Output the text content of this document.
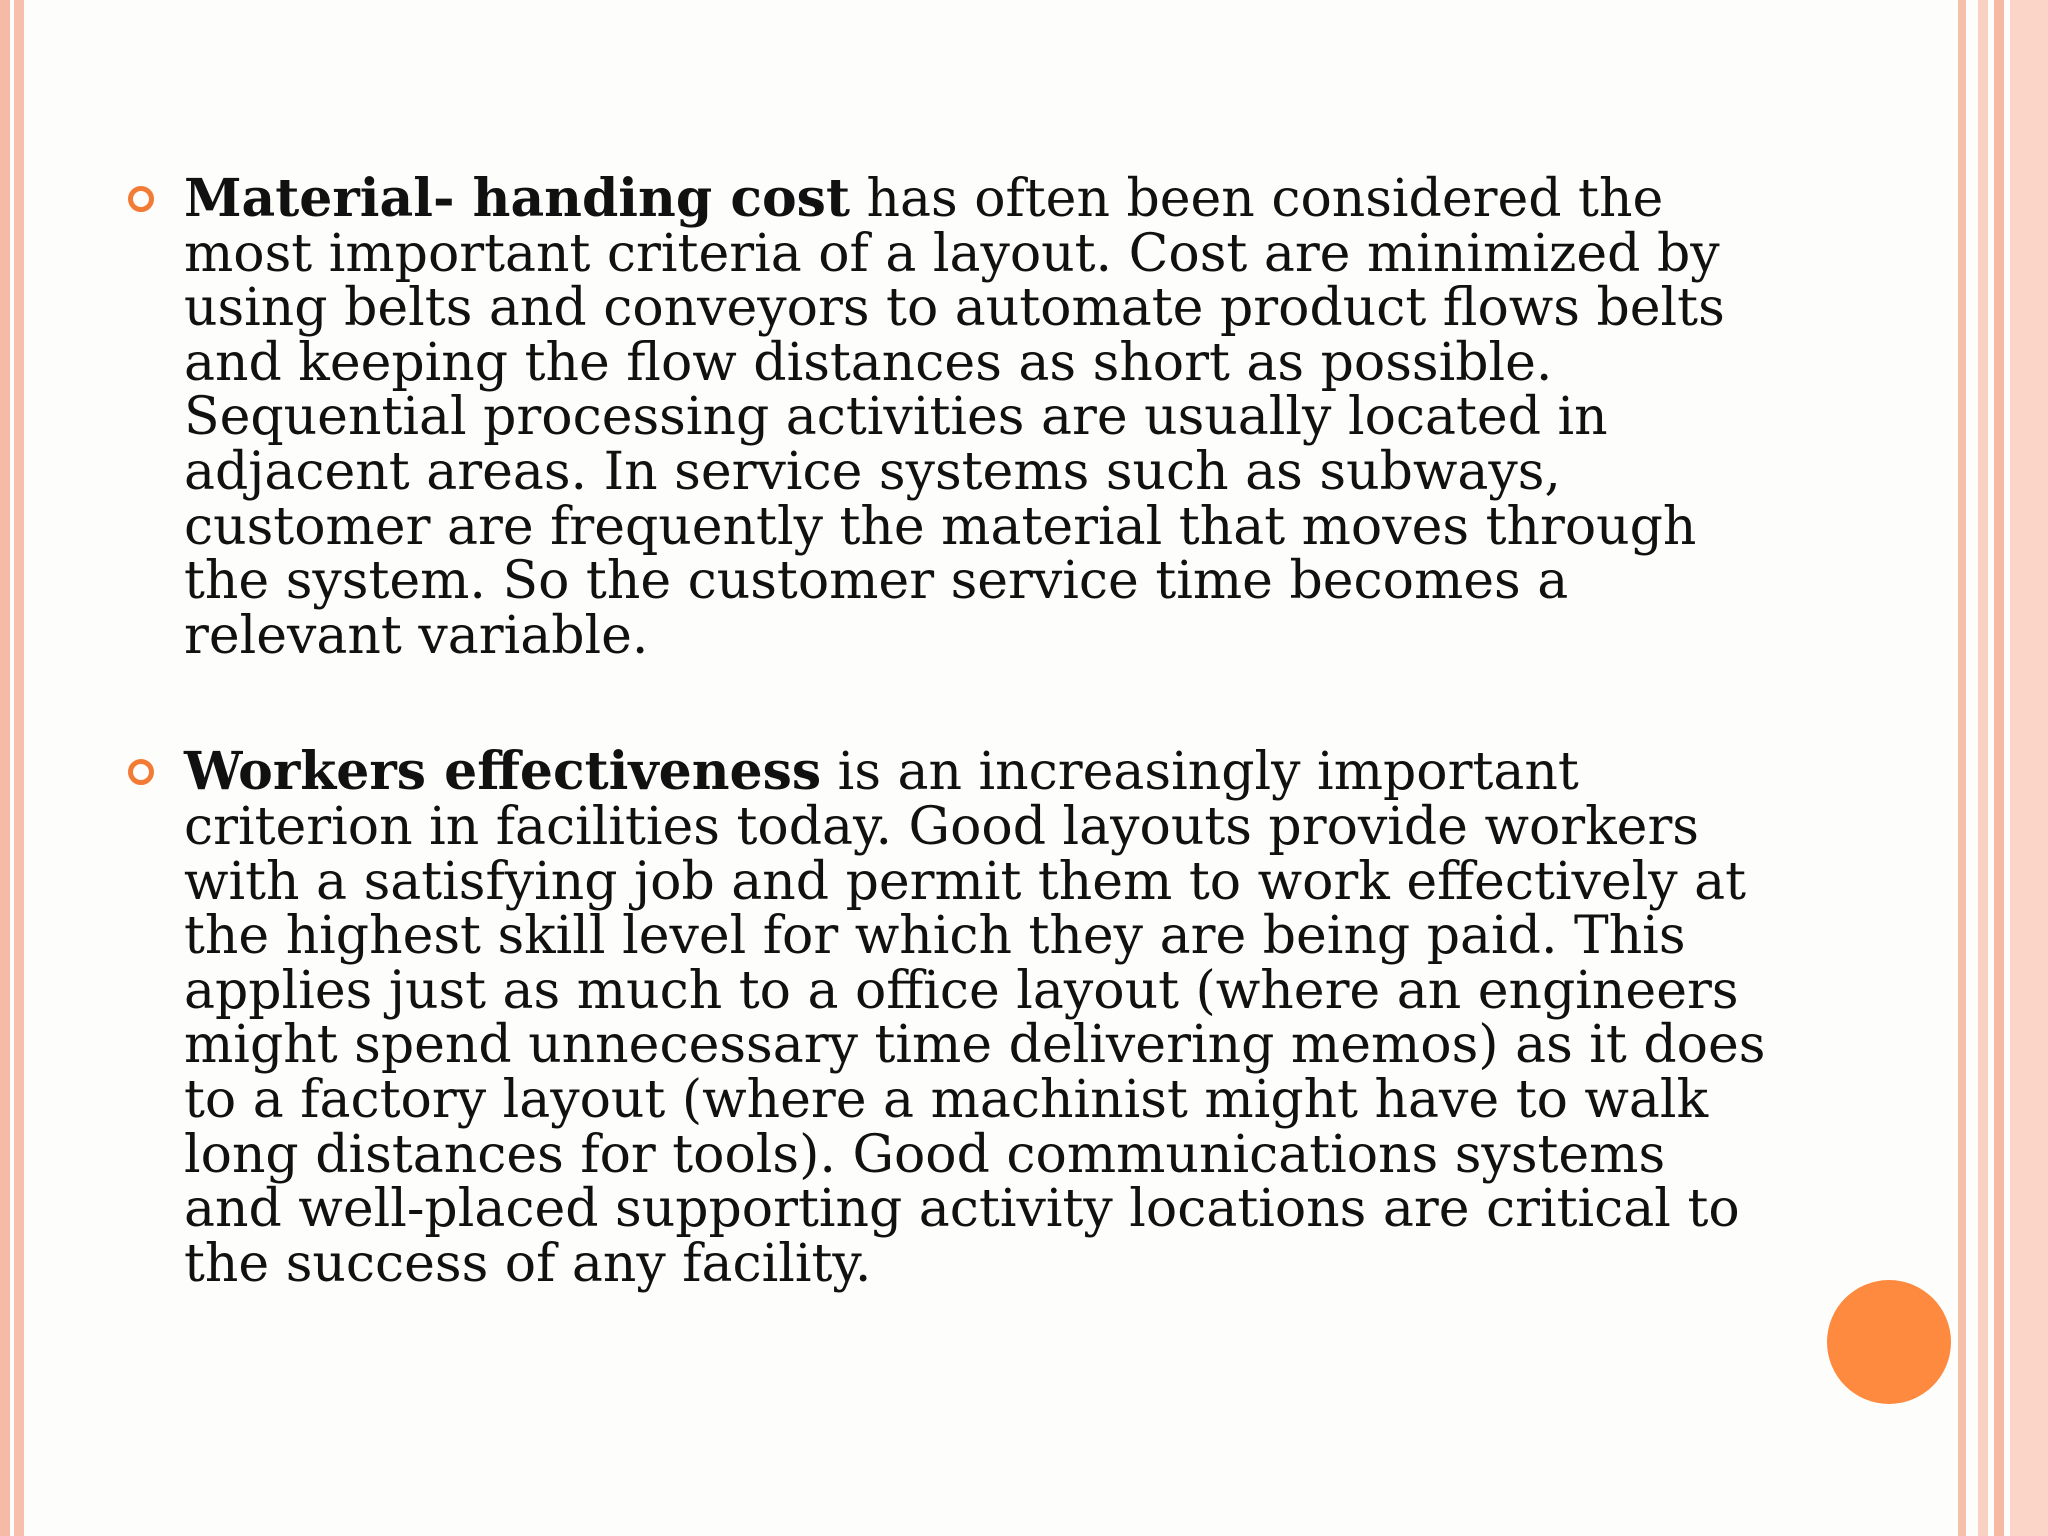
Material- handing cost has often been considered the
most important criteria of a layout. Cost are minimized by
using belts and conveyors to automate product flows belts
and keeping the flow distances as short as possible.
Sequential processing activities are usually located in
adjacent areas. In service systems such as subways,
customer are frequently the material that moves through
the system. So the customer service time becomes a
relevant variable.

Workers effectiveness is an increasingly important
criterion in facilities today. Good layouts provide workers
with a satisfying job and permit them to work effectively at
the highest skill level for which they are being paid. This
applies just as much to a office layout (where an engineers
might spend unnecessary time delivering memos) as it does
to a factory layout (where a machinist might have to walk
long distances for tools). Good communications systems
and well-placed supporting activity locations are critical to
the success of any facility.
